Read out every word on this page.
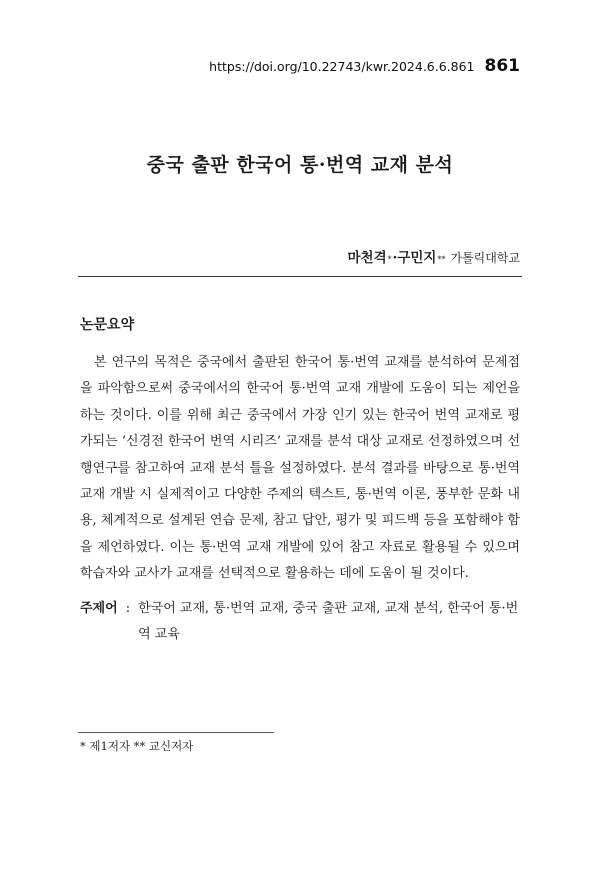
https://doi.org/10.22743/kwr.2024.6.6.861 861
중국 출판 한국어 통·번역 교재 분석
마천격$_*$ · 구민지$_{**}$ 가톨릭대학교
논문요약

본 연구의 목적은 중국에서 출판된 한국어 통·번역 교재를 분석하여 문제점을 파악함으로써 중국에서의 한국어 통·번역 교재 개발에 도움이 되는 제언을 하는 것이다. 이를 위해 최근 중국에서 가장 인기 있는 한국어 번역 교재로 평가되는 ‘신경전 한국어 번역 시리즈’ 교재를 분석 대상 교재로 선정하였으며 선행연구를 참고하여 교재 분석 틀을 설정하였다. 분석 결과를 바탕으로 통·번역 교재 개발 시 실제적이고 다양한 주제의 텍스트, 통·번역 이론, 풍부한 문화 내용, 체계적으로 설계된 연습 문제, 참고 답안, 평가 및 피드백 등을 포함해야 함을 제언하였다. 이는 통·번역 교재 개발에 있어 참고 자료로 활용될 수 있으며 학습자와 교사가 교재를 선택적으로 활용하는 데에 도움이 될 것이다.

주제어 : 한국어 교재, 통·번역 교재, 중국 출판 교재, 교재 분석, 한국어 통·번역 교육
* 제1저자 ** 교신저자
